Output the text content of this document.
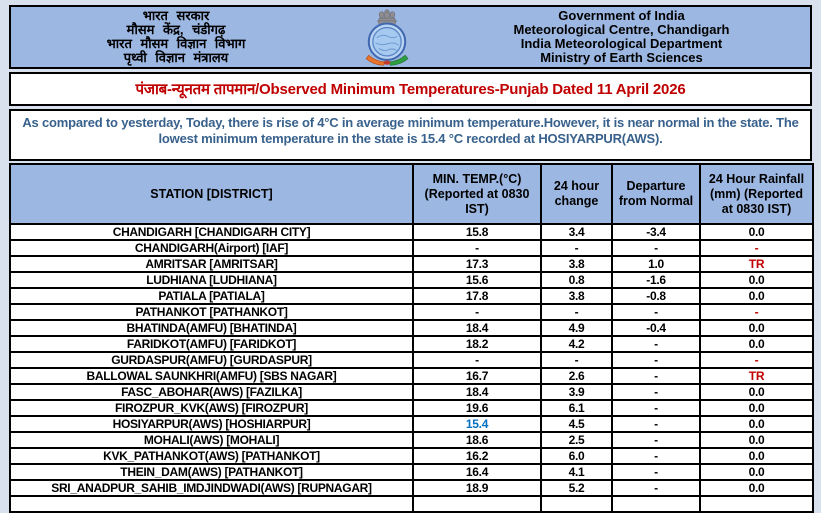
भारत सरकार
मौसम केंद्र, चंडीगढ़
भारत मौसम विज्ञान विभाग
पृथ्वी विज्ञान मंत्रालय
Government of India
Meteorological Centre, Chandigarh
India Meteorological Department
Ministry of Earth Sciences
पंजाब-न्यूनतम तापमान/Observed Minimum Temperatures-Punjab Dated 11 April 2026
As compared to yesterday, Today, there is rise of 4°C in average minimum temperature.However, it is near normal in the state. The lowest minimum temperature in the state is 15.4 °C recorded at HOSIYARPUR(AWS).
STATION [DISTRICT]	MIN. TEMP.(°C) (Reported at 0830 IST)	24 hour change	Departure from Normal	24 Hour Rainfall (mm) (Reported at 0830 IST)
CHANDIGARH [CHANDIGARH CITY]	15.8	3.4	-3.4	0.0
CHANDIGARH(Airport) [IAF]	-	-	-	-
AMRITSAR [AMRITSAR]	17.3	3.8	1.0	TR
LUDHIANA [LUDHIANA]	15.6	0.8	-1.6	0.0
PATIALA [PATIALA]	17.8	3.8	-0.8	0.0
PATHANKOT [PATHANKOT]	-	-	-	-
BHATINDA(AMFU) [BHATINDA]	18.4	4.9	-0.4	0.0
FARIDKOT(AMFU) [FARIDKOT]	18.2	4.2	-	0.0
GURDASPUR(AMFU) [GURDASPUR]	-	-	-	-
BALLOWAL SAUNKHRI(AMFU) [SBS NAGAR]	16.7	2.6	-	TR
FASC_ABOHAR(AWS) [FAZILKA]	18.4	3.9	-	0.0
FIROZPUR_KVK(AWS) [FIROZPUR]	19.6	6.1	-	0.0
HOSIYARPUR(AWS) [HOSHIARPUR]	15.4	4.5	-	0.0
MOHALI(AWS) [MOHALI]	18.6	2.5	-	0.0
KVK_PATHANKOT(AWS) [PATHANKOT]	16.2	6.0	-	0.0
THEIN_DAM(AWS) [PATHANKOT]	16.4	4.1	-	0.0
SRI_ANADPUR_SAHIB_IMDJINDWADI(AWS) [RUPNAGAR]	18.9	5.2	-	0.0
